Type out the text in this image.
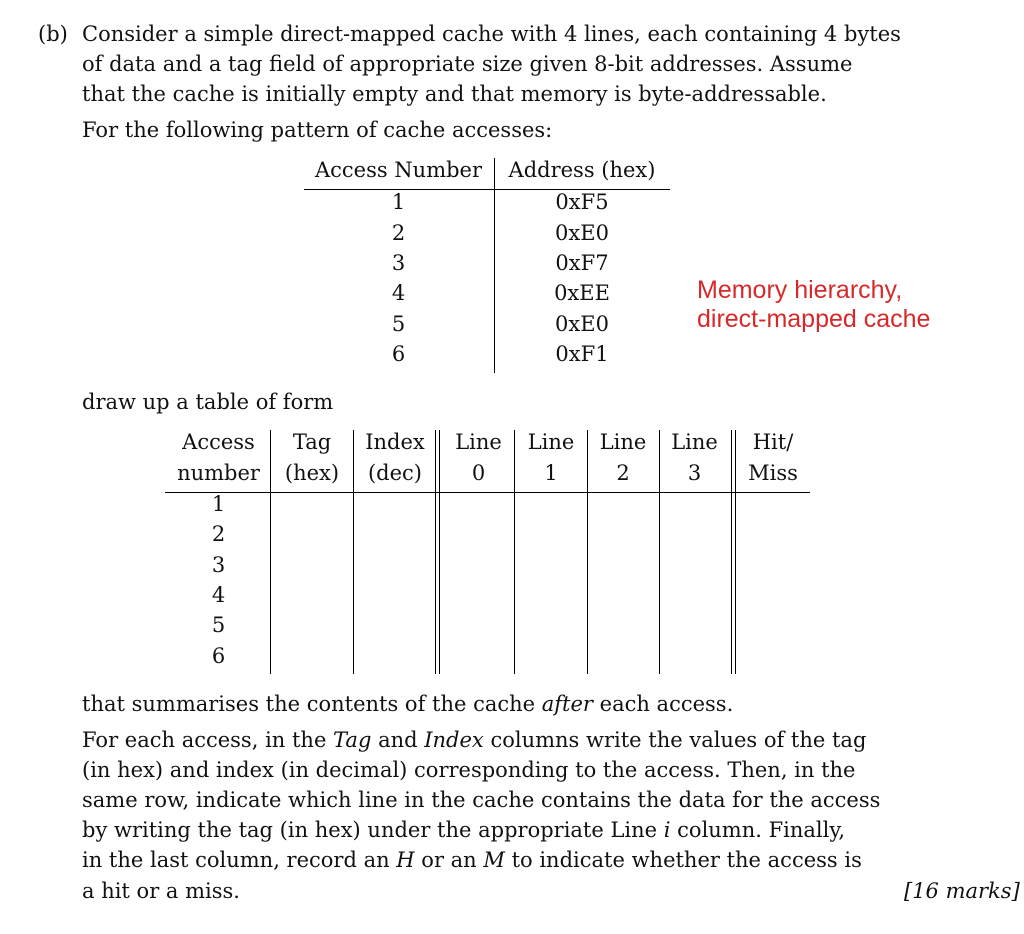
(b) Consider a simple direct-mapped cache with 4 lines, each containing 4 bytes
of data and a tag field of appropriate size given 8-bit addresses. Assume
that the cache is initially empty and that memory is byte-addressable.
For the following pattern of cache accesses:
Access Number	Address (hex)
1	0xF5
2	0xE0
3	0xF7
4	0xEE
5	0xE0
6	0xF1
Memory hierarchy,
direct-mapped cache
draw up a table of form
Access	Tag	Index	Line	Line	Line	Line	Hit/
number	(hex)	(dec)	0	1	2	3	Miss
1
2
3
4
5
6
that summarises the contents of the cache after each access.
For each access, in the Tag and Index columns write the values of the tag
(in hex) and index (in decimal) corresponding to the access. Then, in the
same row, indicate which line in the cache contains the data for the access
by writing the tag (in hex) under the appropriate Line i column. Finally,
in the last column, record an H or an M to indicate whether the access is
a hit or a miss.	[16 marks]
